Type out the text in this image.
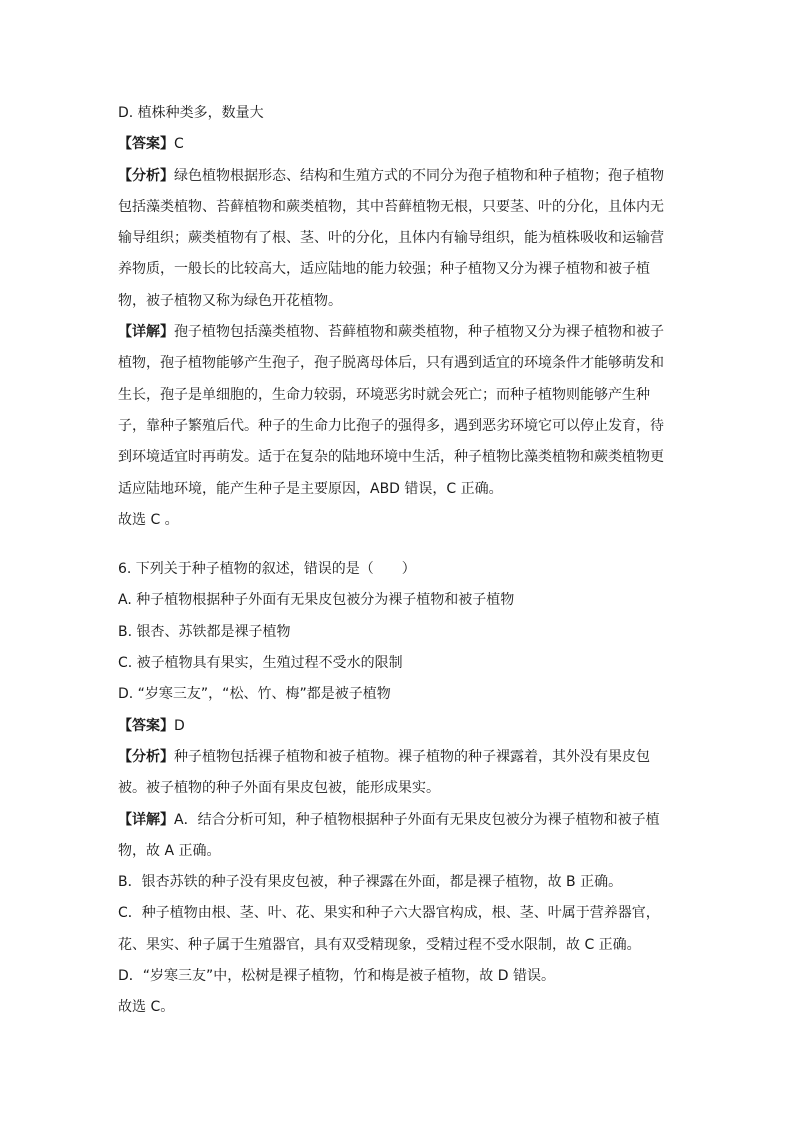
D. 植株种类多，数量大
【答案】C
【分析】绿色植物根据形态、结构和生殖方式的不同分为孢子植物和种子植物；孢子植物
包括藻类植物、苔藓植物和蕨类植物，其中苔藓植物无根，只要茎、叶的分化，且体内无
输导组织；蕨类植物有了根、茎、叶的分化，且体内有输导组织，能为植株吸收和运输营
养物质，一般长的比较高大，适应陆地的能力较强；种子植物又分为裸子植物和被子植
物，被子植物又称为绿色开花植物。
【详解】孢子植物包括藻类植物、苔藓植物和蕨类植物，种子植物又分为裸子植物和被子
植物，孢子植物能够产生孢子，孢子脱离母体后，只有遇到适宜的环境条件才能够萌发和
生长，孢子是单细胞的，生命力较弱，环境恶劣时就会死亡；而种子植物则能够产生种
子，靠种子繁殖后代。种子的生命力比孢子的强得多，遇到恶劣环境它可以停止发育，待
到环境适宜时再萌发。适于在复杂的陆地环境中生活，种子植物比藻类植物和蕨类植物更
适应陆地环境，能产生种子是主要原因，ABD 错误，C 正确。
故选 C 。
6. 下列关于种子植物的叙述，错误的是（　　）
A. 种子植物根据种子外面有无果皮包被分为裸子植物和被子植物
B. 银杏、苏铁都是裸子植物
C. 被子植物具有果实，生殖过程不受水的限制
D. “岁寒三友”，“松、竹、梅”都是被子植物
【答案】D
【分析】种子植物包括裸子植物和被子植物。裸子植物的种子裸露着，其外没有果皮包
被。被子植物的种子外面有果皮包被，能形成果实。
【详解】A．结合分析可知，种子植物根据种子外面有无果皮包被分为裸子植物和被子植
物，故 A 正确。
B．银杏苏铁的种子没有果皮包被，种子裸露在外面，都是裸子植物，故 B 正确。
C．种子植物由根、茎、叶、花、果实和种子六大器官构成，根、茎、叶属于营养器官，
花、果实、种子属于生殖器官，具有双受精现象，受精过程不受水限制，故 C 正确。
D．“岁寒三友”中，松树是裸子植物，竹和梅是被子植物，故 D 错误。
故选 C。
